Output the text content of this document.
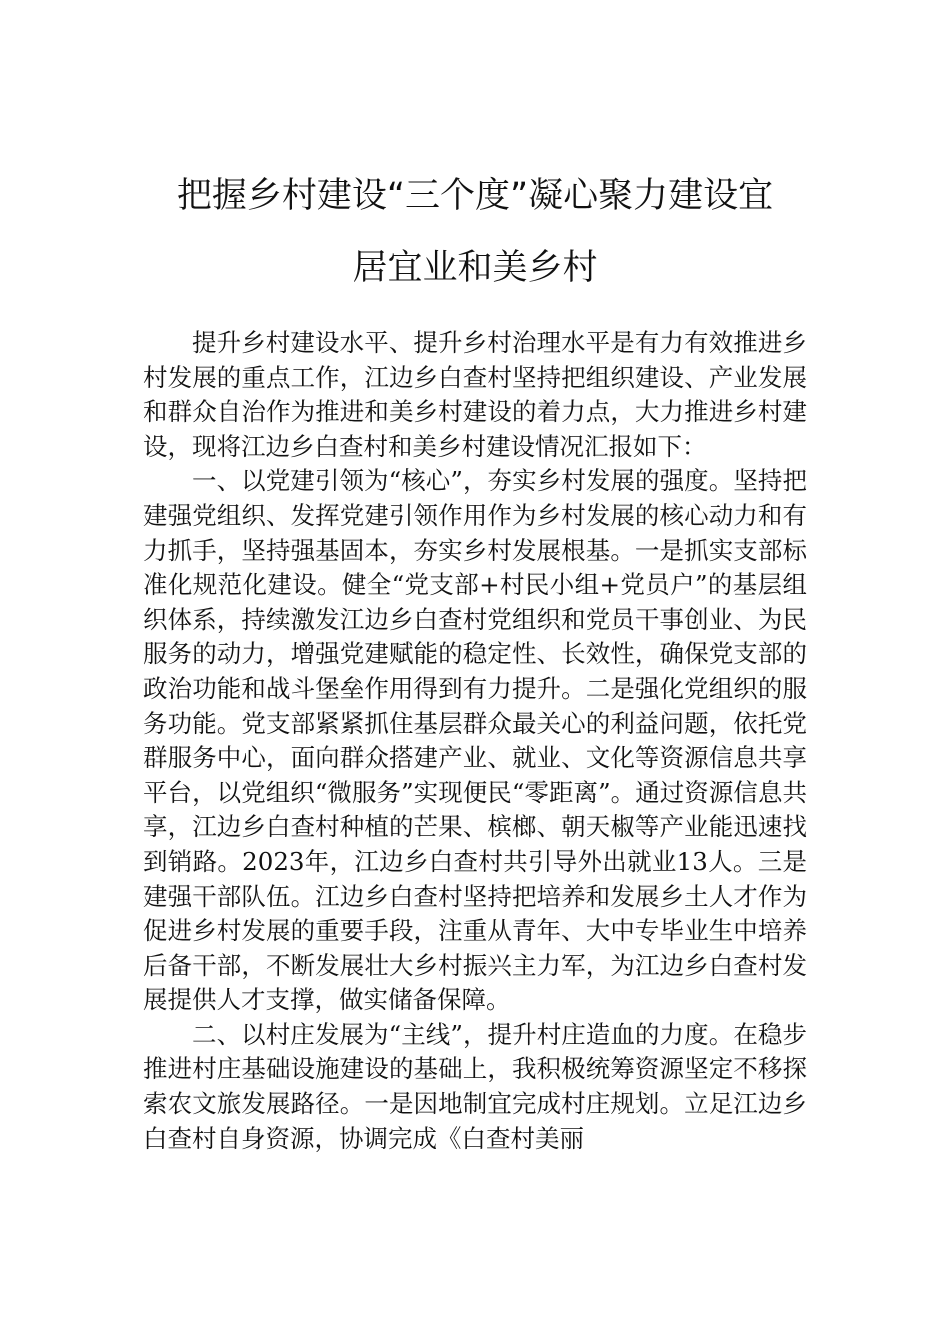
把握乡村建设“三个度”凝心聚力建设宜
居宜业和美乡村

提升乡村建设水平、提升乡村治理水平是有力有效推进乡村发展的重点工作，江边乡白查村坚持把组织建设、产业发展和群众自治作为推进和美乡村建设的着力点，大力推进乡村建设，现将江边乡白查村和美乡村建设情况汇报如下：

一、以党建引领为“核心”，夯实乡村发展的强度。坚持把建强党组织、发挥党建引领作用作为乡村发展的核心动力和有力抓手，坚持强基固本，夯实乡村发展根基。一是抓实支部标准化规范化建设。健全“党支部+村民小组+党员户”的基层组织体系，持续激发江边乡白查村党组织和党员干事创业、为民服务的动力，增强党建赋能的稳定性、长效性，确保党支部的政治功能和战斗堡垒作用得到有力提升。二是强化党组织的服务功能。党支部紧紧抓住基层群众最关心的利益问题，依托党群服务中心，面向群众搭建产业、就业、文化等资源信息共享平台，以党组织“微服务”实现便民“零距离”。通过资源信息共享，江边乡白查村种植的芒果、槟榔、朝天椒等产业能迅速找到销路。2023年，江边乡白查村共引导外出就业13人。三是建强干部队伍。江边乡白查村坚持把培养和发展乡土人才作为促进乡村发展的重要手段，注重从青年、大中专毕业生中培养后备干部，不断发展壮大乡村振兴主力军，为江边乡白查村发展提供人才支撑，做实储备保障。

二、以村庄发展为“主线”，提升村庄造血的力度。在稳步推进村庄基础设施建设的基础上，我积极统筹资源坚定不移探索农文旅发展路径。一是因地制宜完成村庄规划。立足江边乡白查村自身资源，协调完成《白查村美丽
